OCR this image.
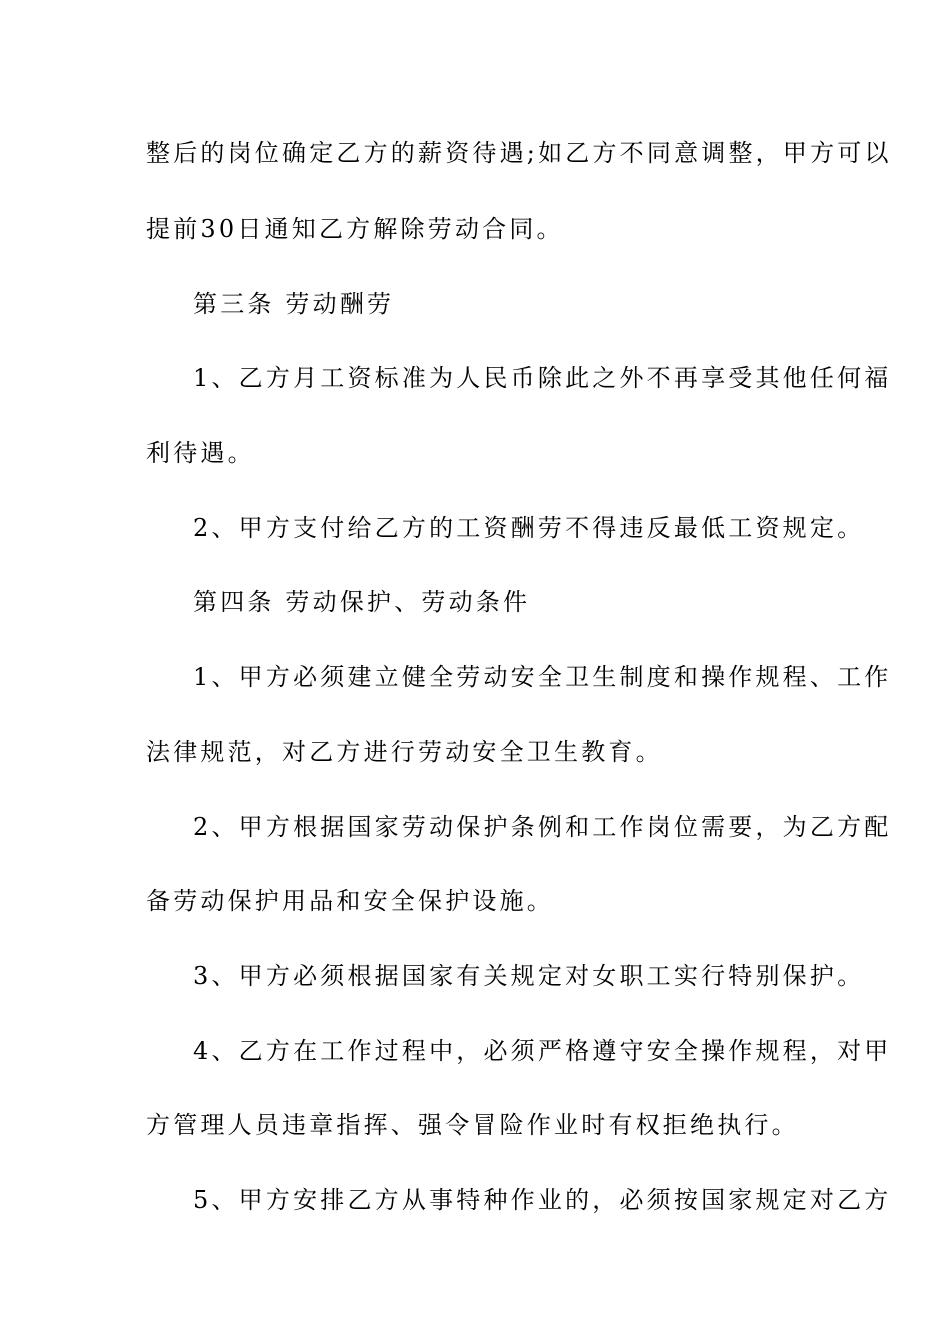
整后的岗位确定乙方的薪资待遇;如乙方不同意调整，甲方可以
提前30日通知乙方解除劳动合同。
第三条 劳动酬劳
1、乙方月工资标准为人民币除此之外不再享受其他任何福
利待遇。
2、甲方支付给乙方的工资酬劳不得违反最低工资规定。
第四条 劳动保护、劳动条件
1、甲方必须建立健全劳动安全卫生制度和操作规程、工作
法律规范，对乙方进行劳动安全卫生教育。
2、甲方根据国家劳动保护条例和工作岗位需要，为乙方配
备劳动保护用品和安全保护设施。
3、甲方必须根据国家有关规定对女职工实行特别保护。
4、乙方在工作过程中，必须严格遵守安全操作规程，对甲
方管理人员违章指挥、强令冒险作业时有权拒绝执行。
5、甲方安排乙方从事特种作业的，必须按国家规定对乙方
